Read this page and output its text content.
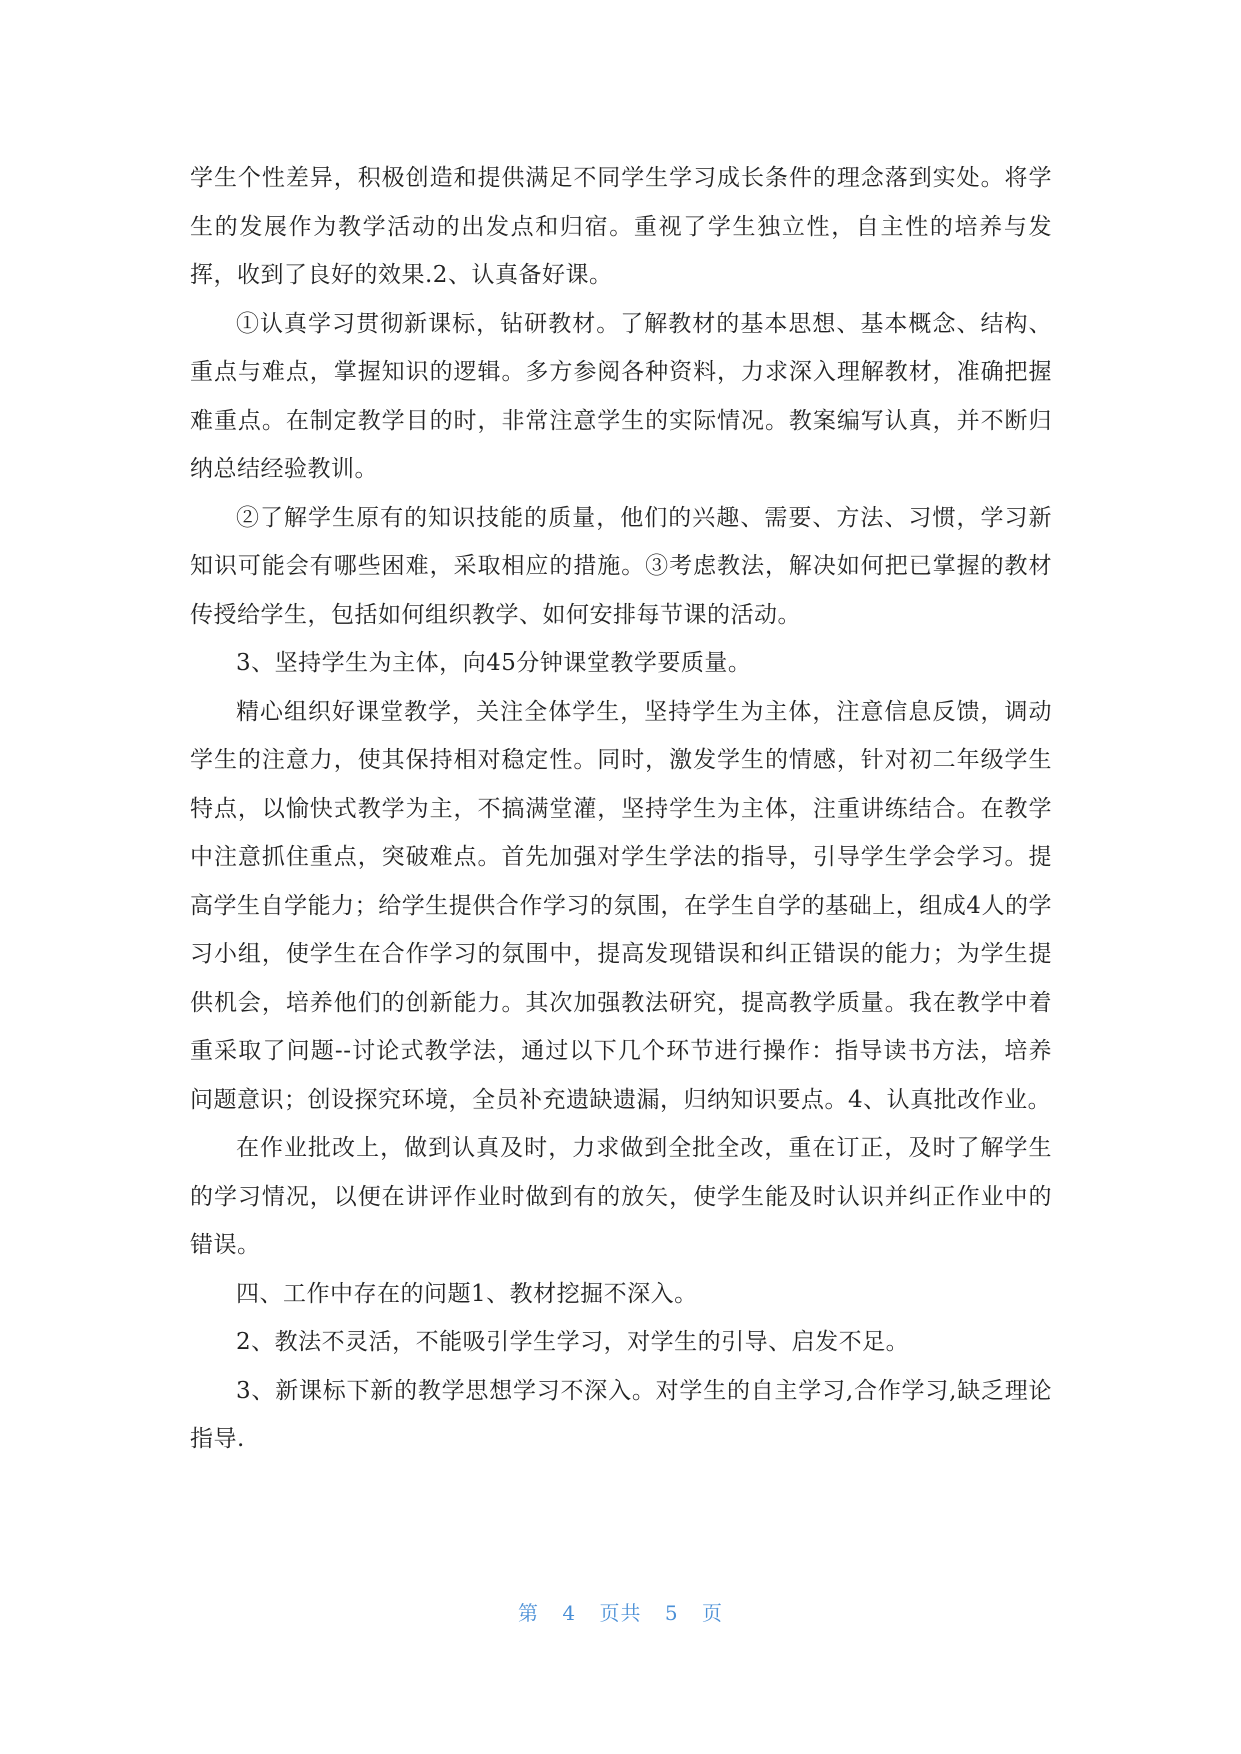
学生个性差异，积极创造和提供满足不同学生学习成长条件的理念落到实处。将学生的发展作为教学活动的出发点和归宿。重视了学生独立性，自主性的培养与发挥，收到了良好的效果.2、认真备好课。

①认真学习贯彻新课标，钻研教材。了解教材的基本思想、基本概念、结构、重点与难点，掌握知识的逻辑。多方参阅各种资料，力求深入理解教材，准确把握难重点。在制定教学目的时，非常注意学生的实际情况。教案编写认真，并不断归纳总结经验教训。

②了解学生原有的知识技能的质量，他们的兴趣、需要、方法、习惯，学习新知识可能会有哪些困难，采取相应的措施。③考虑教法，解决如何把已掌握的教材传授给学生，包括如何组织教学、如何安排每节课的活动。

3、坚持学生为主体，向45分钟课堂教学要质量。

精心组织好课堂教学，关注全体学生，坚持学生为主体，注意信息反馈，调动学生的注意力，使其保持相对稳定性。同时，激发学生的情感，针对初二年级学生特点，以愉快式教学为主，不搞满堂灌，坚持学生为主体，注重讲练结合。在教学中注意抓住重点，突破难点。首先加强对学生学法的指导，引导学生学会学习。提高学生自学能力；给学生提供合作学习的氛围，在学生自学的基础上，组成4人的学习小组，使学生在合作学习的氛围中，提高发现错误和纠正错误的能力；为学生提供机会，培养他们的创新能力。其次加强教法研究，提高教学质量。我在教学中着重采取了问题--讨论式教学法，通过以下几个环节进行操作：指导读书方法，培养问题意识；创设探究环境，全员补充遗缺遗漏，归纳知识要点。4、认真批改作业。

在作业批改上，做到认真及时，力求做到全批全改，重在订正，及时了解学生的学习情况，以便在讲评作业时做到有的放矢，使学生能及时认识并纠正作业中的错误。

四、工作中存在的问题1、教材挖掘不深入。

2、教法不灵活，不能吸引学生学习，对学生的引导、启发不足。

3、新课标下新的教学思想学习不深入。对学生的自主学习,合作学习,缺乏理论指导.

第 4 页共 5 页
